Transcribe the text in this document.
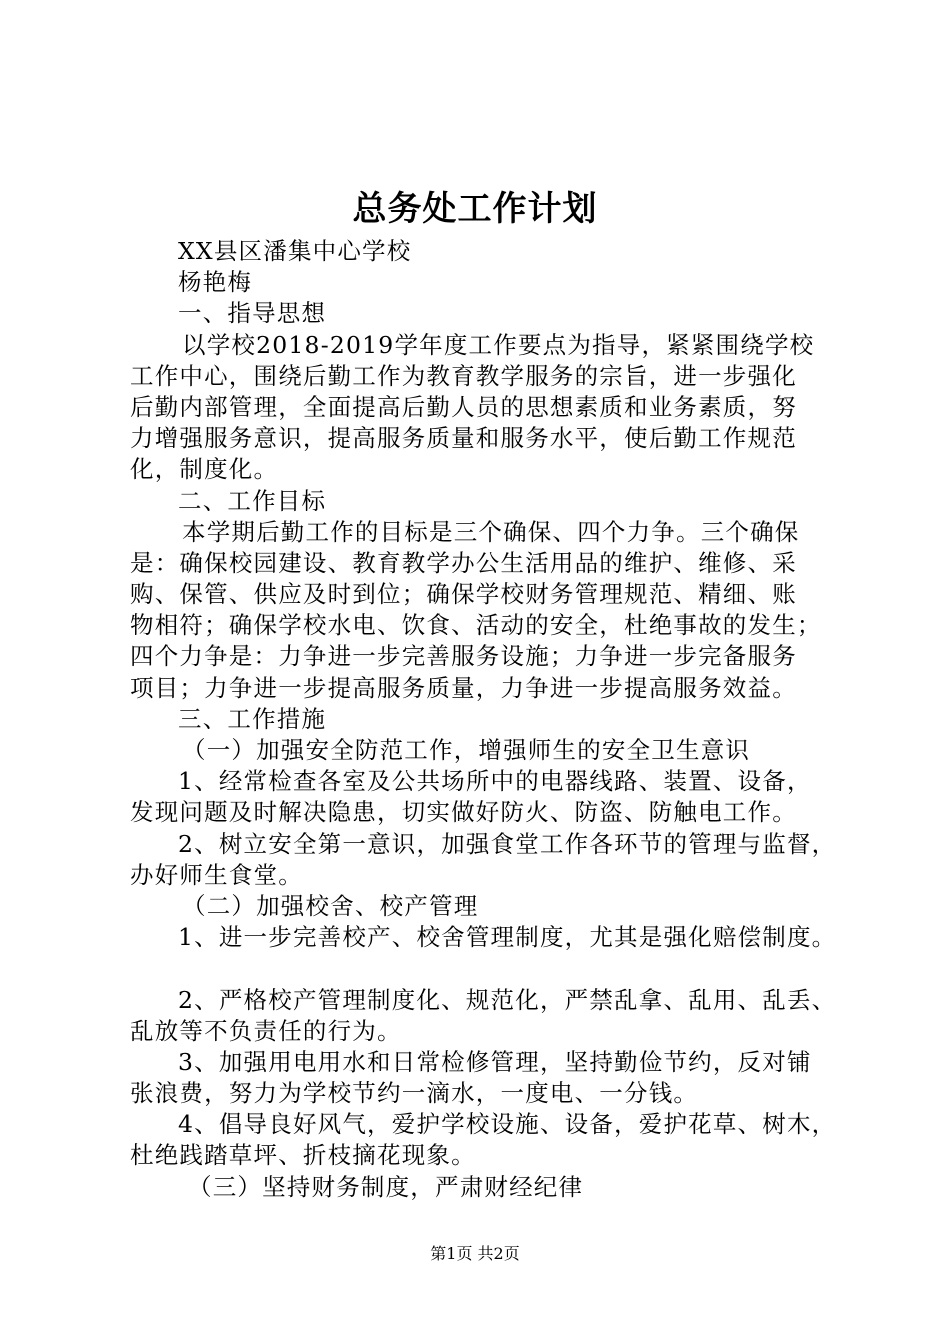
总务处工作计划

XX县区潘集中心学校

杨艳梅

一、指导思想

以学校2018-2019学年度工作要点为指导，紧紧围绕学校

工作中心，围绕后勤工作为教育教学服务的宗旨，进一步强化

后勤内部管理，全面提高后勤人员的思想素质和业务素质，努

力增强服务意识，提高服务质量和服务水平，使后勤工作规范

化，制度化。

二、工作目标

本学期后勤工作的目标是三个确保、四个力争。三个确保

是：确保校园建设、教育教学办公生活用品的维护、维修、采

购、保管、供应及时到位；确保学校财务管理规范、精细、账

物相符；确保学校水电、饮食、活动的安全，杜绝事故的发生；

四个力争是：力争进一步完善服务设施；力争进一步完备服务

项目；力争进一步提高服务质量，力争进一步提高服务效益。

三、工作措施

（一）加强安全防范工作，增强师生的安全卫生意识

1、经常检查各室及公共场所中的电器线路、装置、设备，

发现问题及时解决隐患，切实做好防火、防盗、防触电工作。

2、树立安全第一意识，加强食堂工作各环节的管理与监督，

办好师生食堂。

（二）加强校舍、校产管理

1、进一步完善校产、校舍管理制度，尤其是强化赔偿制度。

2、严格校产管理制度化、规范化，严禁乱拿、乱用、乱丢、

乱放等不负责任的行为。

3、加强用电用水和日常检修管理，坚持勤俭节约，反对铺

张浪费，努力为学校节约一滴水，一度电、一分钱。

4、倡导良好风气，爱护学校设施、设备，爱护花草、树木，

杜绝践踏草坪、折枝摘花现象。

（三）坚持财务制度，严肃财经纪律

第1页 共2页
